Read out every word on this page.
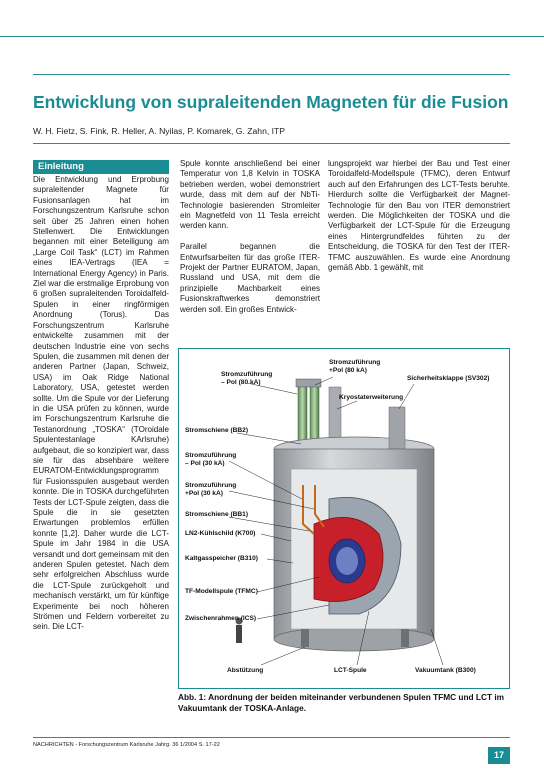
Entwicklung von supraleitenden Magneten für die Fusion
W. H. Fietz, S. Fink, R. Heller, A. Nyilas, P. Komarek, G. Zahn, ITP
Einleitung

Die Entwicklung und Erprobung supraleitender Magnete für Fusionsanlagen hat im Forschungszentrum Karlsruhe schon seit über 25 Jahren einen hohen Stellenwert. Die Entwicklungen begannen mit einer Beteiligung am „Large Coil Task“ (LCT) im Rahmen eines IEA-Vertrags (IEA = International Energy Agency) in Paris. Ziel war die erstmalige Erprobung von 6 großen supraleitenden Toroidalfeld-Spulen in einer ringförmigen Anordnung (Torus). Das Forschungszentrum Karlsruhe entwickelte zusammen mit der deutschen Industrie eine von sechs Spulen, die zusammen mit denen der anderen Partner (Japan, Schweiz, USA) im Oak Ridge National Laboratory, USA, getestet werden sollte. Um die Spule vor der Lieferung in die USA prüfen zu können, wurde im Forschungszentrum Karlsruhe die Testanordnung „TOSKA“ (TOroidale Spulentestanlage KArlsruhe) aufgebaut, die so konzipiert war, dass sie für das absehbare weitere EURATOM-Entwicklungsprogramm für Fusionsspulen ausgebaut werden konnte. Die in TOSKA durchgeführten Tests der LCT-Spule zeigten, dass die Spule die in sie gesetzten Erwartungen problemlos erfüllen konnte [1,2]. Daher wurde die LCT-Spule im Jahr 1984 in die USA versandt und dort gemeinsam mit den anderen Spulen getestet. Nach dem sehr erfolgreichen Abschluss wurde die LCT-Spule zurückgeholt und mechanisch verstärkt, um für künftige Experimente bei noch höheren Strömen und Feldern vorbereitet zu sein. Die LCT-

Spule konnte anschließend bei einer Temperatur von 1,8 Kelvin in TOSKA betrieben werden, wobei demonstriert wurde, dass mit dem auf der NbTi-Technologie basierenden Stromleiter ein Magnetfeld von 11 Tesla erreicht werden kann.

Parallel begannen die Entwurfsarbeiten für das große ITER-Projekt der Partner EURATOM, Japan, Russland und USA, mit dem die prinzipielle Machbarkeit eines Fusionskraftwerkes demonstriert werden soll. Ein großes Entwick-

lungsprojekt war hierbei der Bau und Test einer Toroidalfeld-Modellspule (TFMC), deren Entwurf auch auf den Erfahrungen des LCT-Tests beruhte. Hierdurch sollte die Verfügbarkeit der Magnet-Technologie für den Bau von ITER demonstriert werden. Die Möglichkeiten der TOSKA und die Verfügbarkeit der LCT-Spule für die Erzeugung eines Hintergrundfeldes führten zu der Entscheidung, die TOSKA für den Test der ITER-TFMC auszuwählen. Es wurde eine Anordnung gemäß Abb. 1 gewählt, mit

Stromzuführung
– Pol (80 kA)
Stromzuführung
+Pol (80 kA)
Sicherheitsklappe (SV302)
Kryostaterweiterung
Stromschiene (BB2)
Stromzuführung
– Pol (30 kA)
Stromzuführung
+Pol (30 kA)
Stromschiene (BB1)
LN2-Kühlschild (K700)
Kaltgasspeicher (B310)
TF-Modellspule (TFMC)
Zwischenrahmen (ICS)
Abstützung	LCT-Spule	Vakuumtank (B300)
Abb. 1: Anordnung der beiden miteinander verbundenen Spulen TFMC und LCT im Vakuumtank der TOSKA-Anlage.
NACHRICHTEN - Forschungszentrum Karlsruhe Jahrg. 36 1/2004 S. 17-22
17
